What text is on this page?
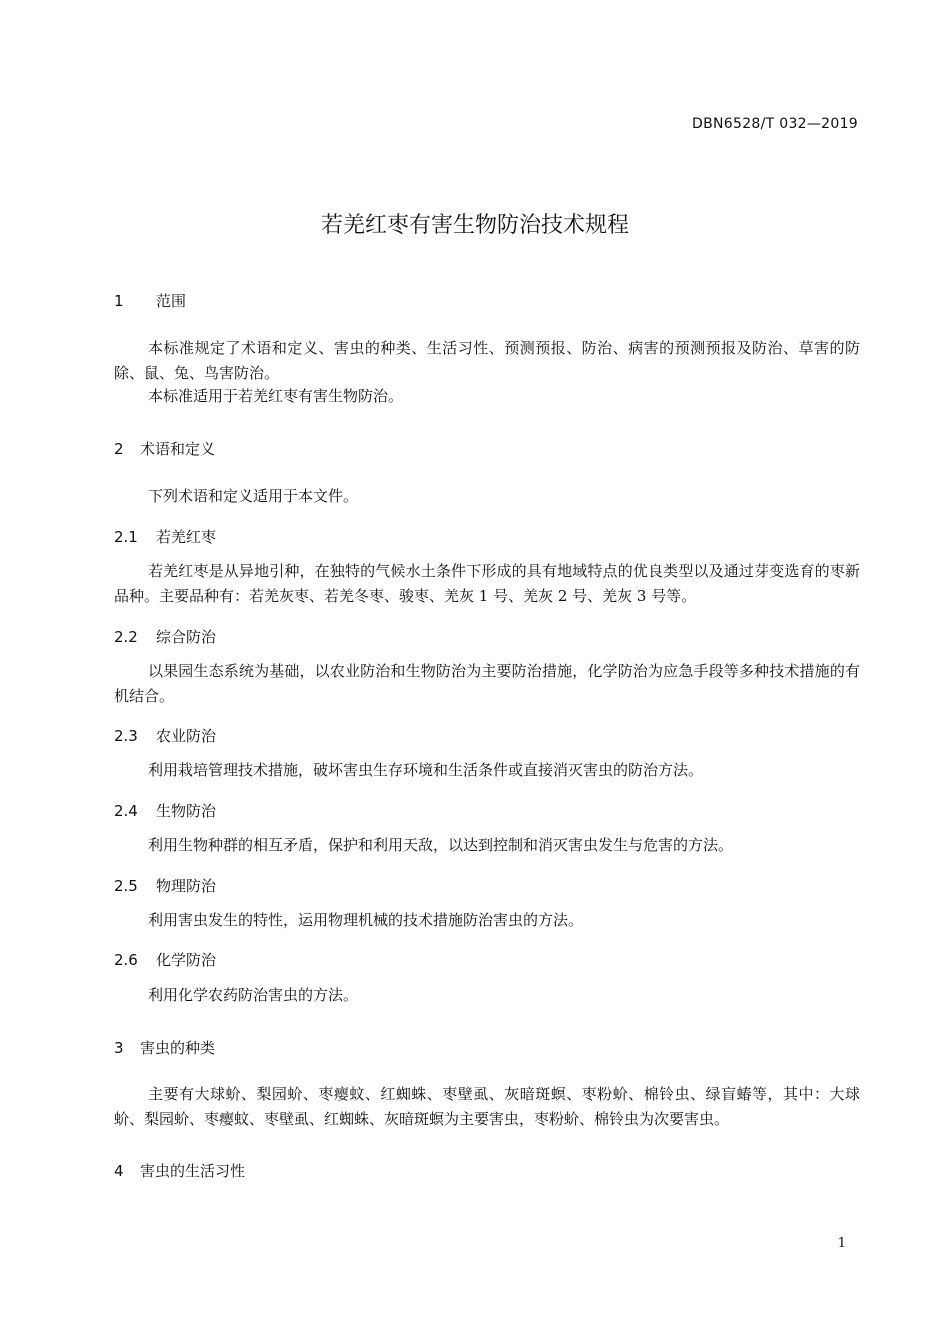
DBN6528/T 032—2019
若羌红枣有害生物防治技术规程
1 范围
本标准规定了术语和定义、害虫的种类、生活习性、预测预报、防治、病害的预测预报及防治、草害的防除、鼠、兔、鸟害防治。
本标准适用于若羌红枣有害生物防治。
2 术语和定义
下列术语和定义适用于本文件。
2.1 若羌红枣
若羌红枣是从异地引种，在独特的气候水土条件下形成的具有地域特点的优良类型以及通过芽变选育的枣新品种。主要品种有：若羌灰枣、若羌冬枣、骏枣、羌灰 1 号、羌灰 2 号、羌灰 3 号等。
2.2 综合防治
以果园生态系统为基础，以农业防治和生物防治为主要防治措施，化学防治为应急手段等多种技术措施的有机结合。
2.3 农业防治
利用栽培管理技术措施，破坏害虫生存环境和生活条件或直接消灭害虫的防治方法。
2.4 生物防治
利用生物种群的相互矛盾，保护和利用天敌，以达到控制和消灭害虫发生与危害的方法。
2.5 物理防治
利用害虫发生的特性，运用物理机械的技术措施防治害虫的方法。
2.6 化学防治
利用化学农药防治害虫的方法。
3 害虫的种类
主要有大球蚧、梨园蚧、枣瘿蚊、红蜘蛛、枣壁虱、灰暗斑螟、枣粉蚧、棉铃虫、绿盲蝽等，其中：大球蚧、梨园蚧、枣瘿蚊、枣壁虱、红蜘蛛、灰暗斑螟为主要害虫，枣粉蚧、棉铃虫为次要害虫。
4 害虫的生活习性
1
